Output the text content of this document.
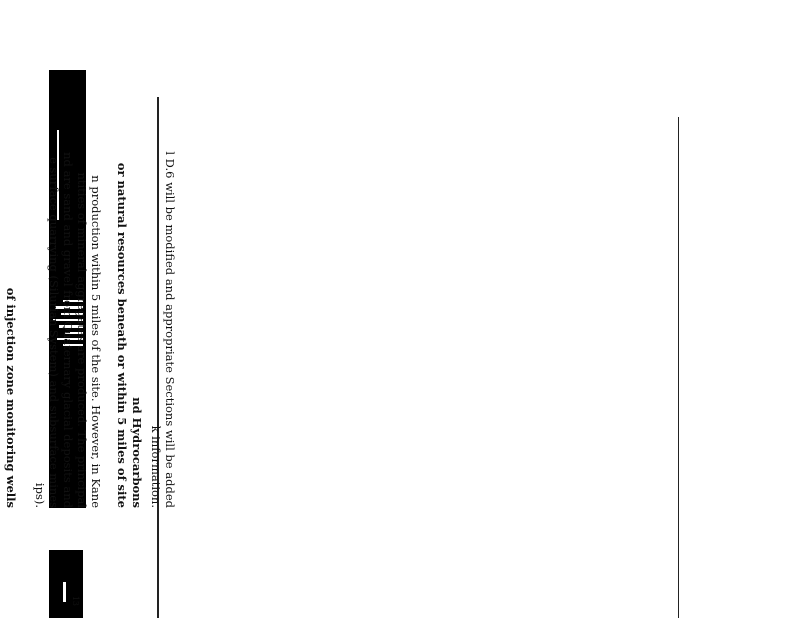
13
l D.6 will be modified and appropriate Sections will be added
k information.
nd Hydrocarbons
or natural resources beneath or within 5 miles of site
n production within 5 miles of the site. However, in Kane
ntities of mineral aggregates are produced. The principal
nd are sand and gravel from Quaternary glacial deposits and
e surface quarrying (Silurian System) and subsurface mines
ips).
of injection zone monitoring wells
